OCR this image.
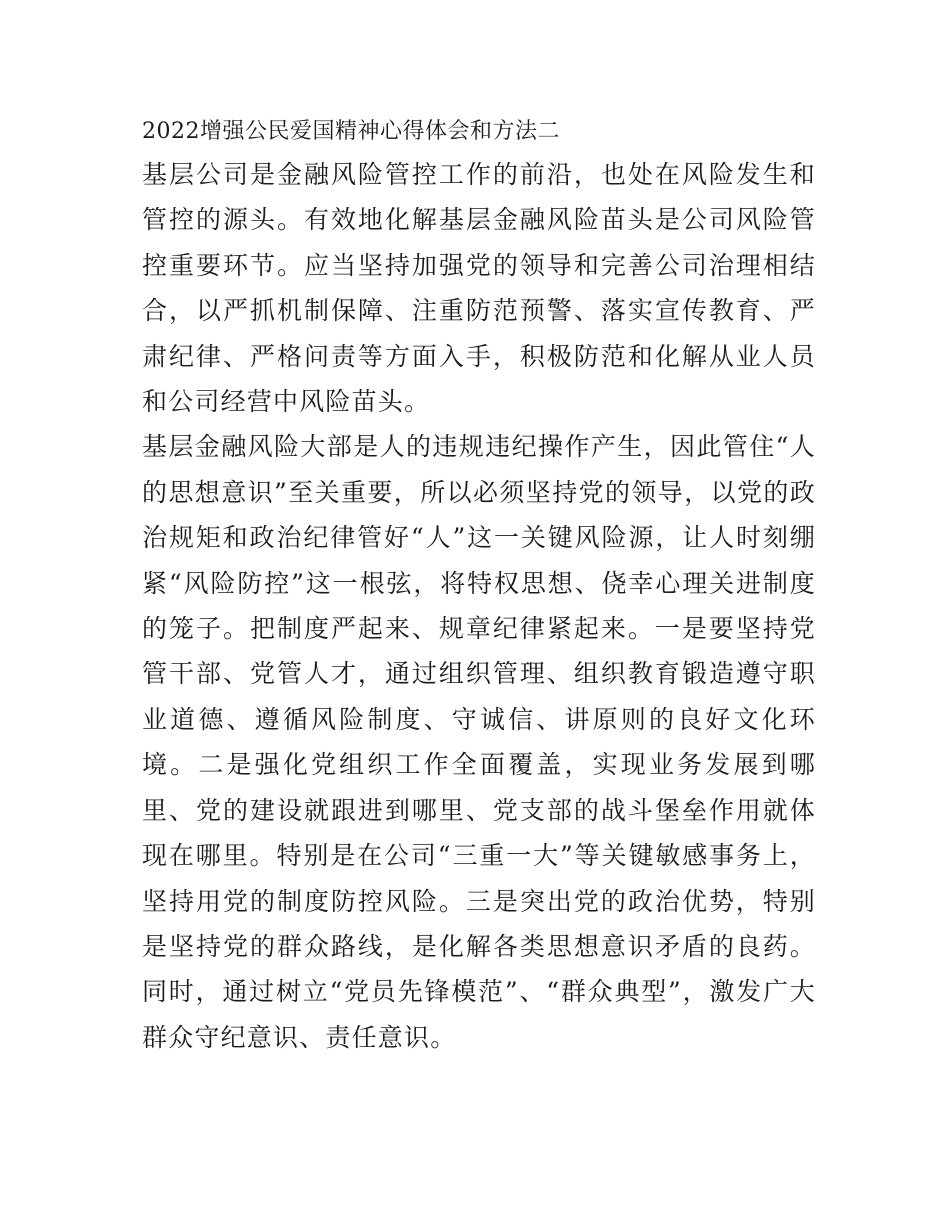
2022增强公民爱国精神心得体会和方法二

基层公司是金融风险管控工作的前沿，也处在风险发生和管控的源头。有效地化解基层金融风险苗头是公司风险管控重要环节。应当坚持加强党的领导和完善公司治理相结合，以严抓机制保障、注重防范预警、落实宣传教育、严肃纪律、严格问责等方面入手，积极防范和化解从业人员和公司经营中风险苗头。

基层金融风险大部是人的违规违纪操作产生，因此管住“人的思想意识”至关重要，所以必须坚持党的领导，以党的政治规矩和政治纪律管好“人”这一关键风险源，让人时刻绷紧“风险防控”这一根弦，将特权思想、侥幸心理关进制度的笼子。把制度严起来、规章纪律紧起来。一是要坚持党管干部、党管人才，通过组织管理、组织教育锻造遵守职业道德、遵循风险制度、守诚信、讲原则的良好文化环境。二是强化党组织工作全面覆盖，实现业务发展到哪里、党的建设就跟进到哪里、党支部的战斗堡垒作用就体现在哪里。特别是在公司“三重一大”等关键敏感事务上，坚持用党的制度防控风险。三是突出党的政治优势，特别是坚持党的群众路线，是化解各类思想意识矛盾的良药。同时，通过树立“党员先锋模范”、“群众典型”，激发广大群众守纪意识、责任意识。
